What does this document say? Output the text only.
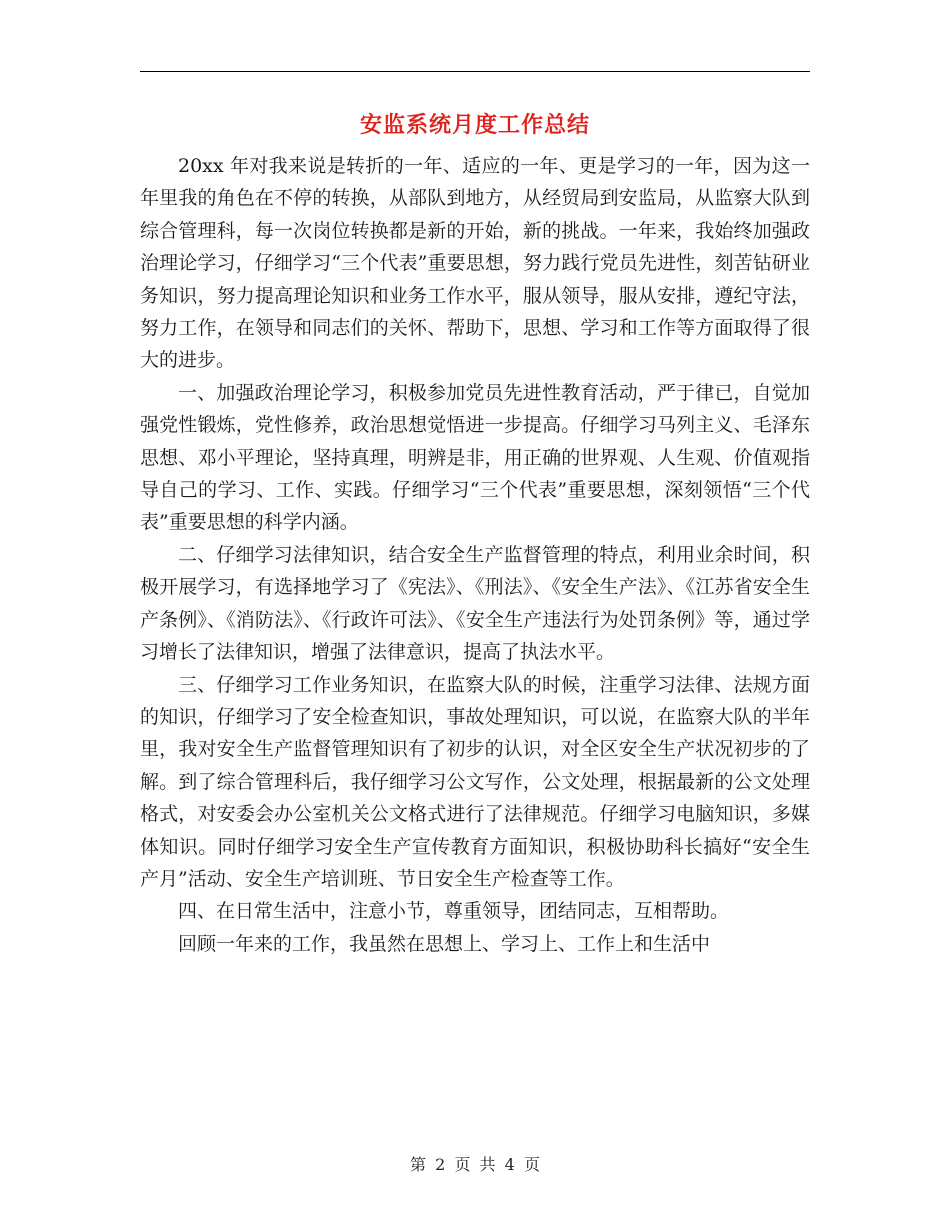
安监系统月度工作总结

20xx 年对我来说是转折的一年、适应的一年、更是学习的一年，因为这一年里我的角色在不停的转换，从部队到地方，从经贸局到安监局，从监察大队到综合管理科，每一次岗位转换都是新的开始，新的挑战。一年来，我始终加强政治理论学习，仔细学习“三个代表”重要思想，努力践行党员先进性，刻苦钻研业务知识，努力提高理论知识和业务工作水平，服从领导，服从安排，遵纪守法，努力工作，在领导和同志们的关怀、帮助下，思想、学习和工作等方面取得了很大的进步。

一、加强政治理论学习，积极参加党员先进性教育活动，严于律已，自觉加强党性锻炼，党性修养，政治思想觉悟进一步提高。仔细学习马列主义、毛泽东思想、邓小平理论，坚持真理，明辨是非，用正确的世界观、人生观、价值观指导自己的学习、工作、实践。仔细学习“三个代表”重要思想，深刻领悟“三个代表”重要思想的科学内涵。

二、仔细学习法律知识，结合安全生产监督管理的特点，利用业余时间，积极开展学习，有选择地学习了《宪法》、《刑法》、《安全生产法》、《江苏省安全生产条例》、《消防法》、《行政许可法》、《安全生产违法行为处罚条例》等，通过学习增长了法律知识，增强了法律意识，提高了执法水平。

三、仔细学习工作业务知识，在监察大队的时候，注重学习法律、法规方面的知识，仔细学习了安全检查知识，事故处理知识，可以说，在监察大队的半年里，我对安全生产监督管理知识有了初步的认识，对全区安全生产状况初步的了解。到了综合管理科后，我仔细学习公文写作，公文处理，根据最新的公文处理格式，对安委会办公室机关公文格式进行了法律规范。仔细学习电脑知识，多媒体知识。同时仔细学习安全生产宣传教育方面知识，积极协助科长搞好“安全生产月”活动、安全生产培训班、节日安全生产检查等工作。

四、在日常生活中，注意小节，尊重领导，团结同志，互相帮助。

回顾一年来的工作，我虽然在思想上、学习上、工作上和生活中

第 2 页 共 4 页
